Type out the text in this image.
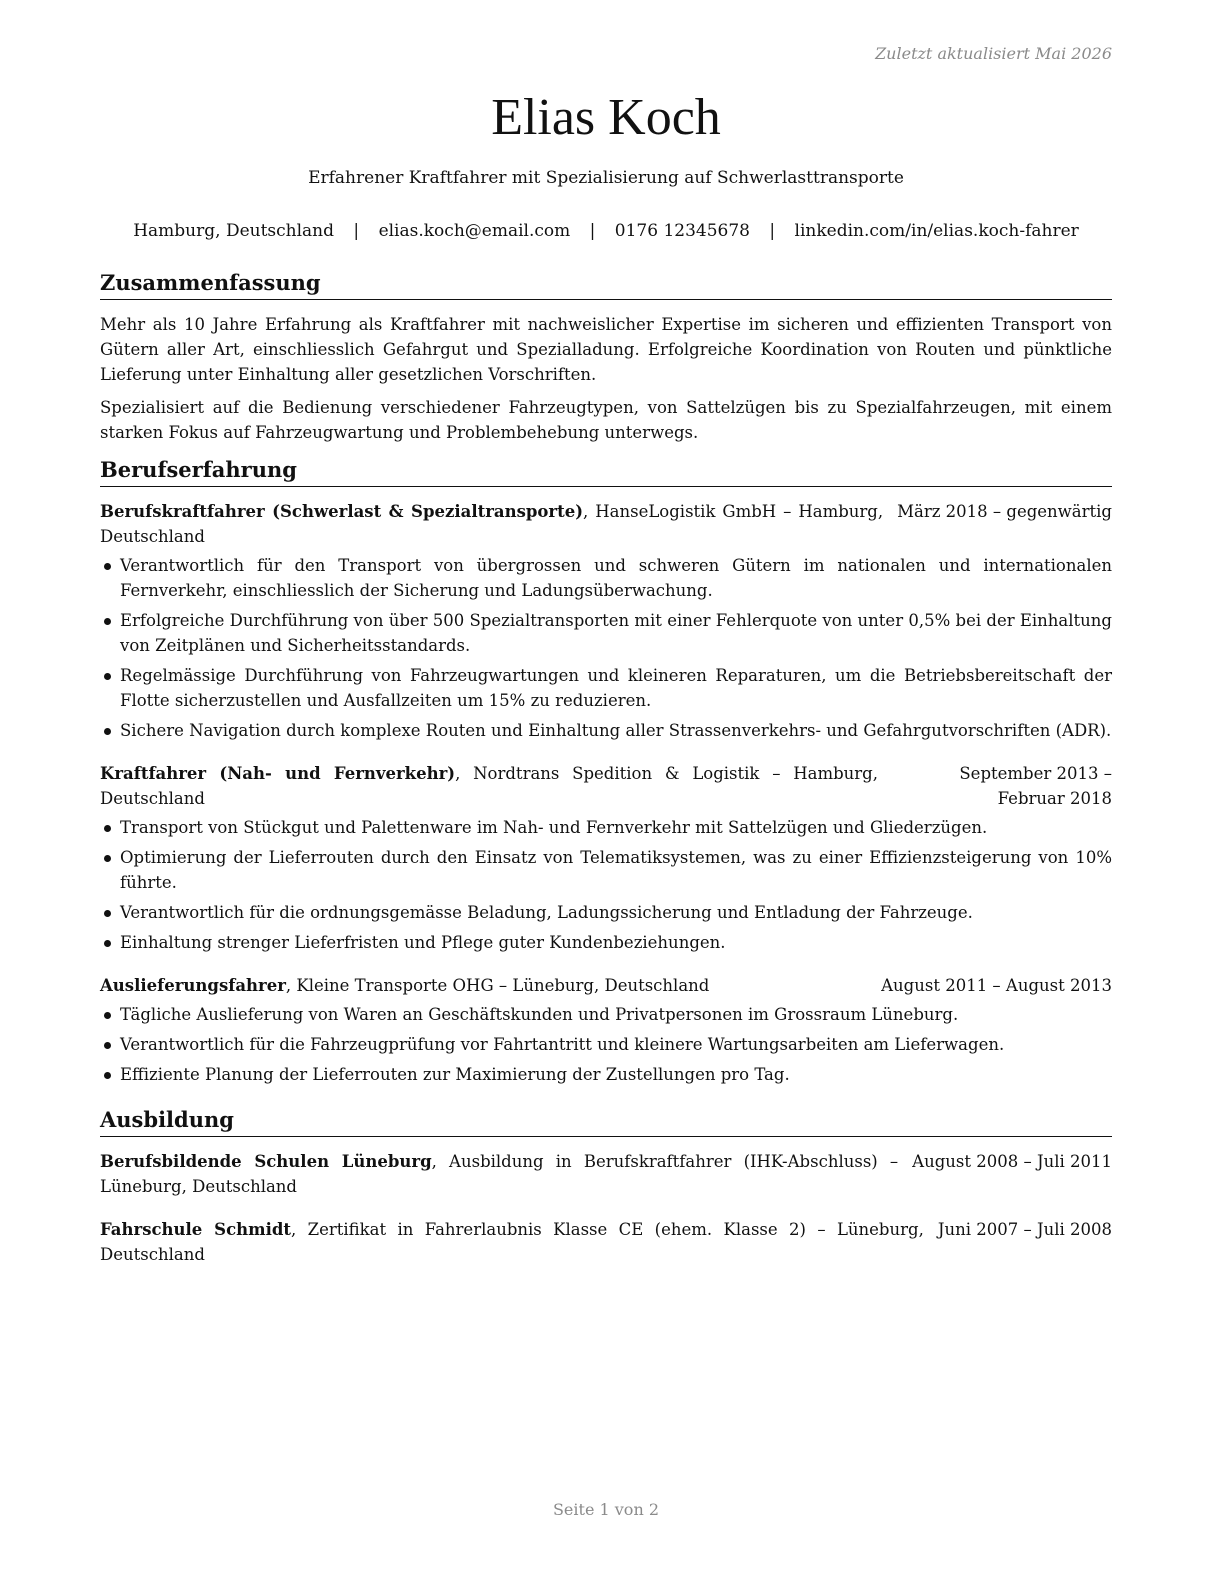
Zuletzt aktualisiert Mai 2026
Elias Koch
Erfahrener Kraftfahrer mit Spezialisierung auf Schwerlasttransporte
Hamburg, Deutschland | elias.koch@email.com | 0176 12345678 | linkedin.com/in/elias.koch-fahrer
Zusammenfassung

Mehr als 10 Jahre Erfahrung als Kraftfahrer mit nachweislicher Expertise im sicheren und effizienten Transport von Gütern aller Art, einschliesslich Gefahrgut und Spezialladung. Erfolgreiche Koordination von Routen und pünktliche Lieferung unter Einhaltung aller gesetzlichen Vorschriften.

Spezialisiert auf die Bedienung verschiedener Fahrzeugtypen, von Sattelzügen bis zu Spezialfahrzeugen, mit einem starken Fokus auf Fahrzeugwartung und Problembehebung unterwegs.

Berufserfahrung
Berufskraftfahrer (Schwerlast & Spezialtransporte), HanseLogistik GmbH – Hamburg, Deutschland
März 2018 – gegenwärtig
Verantwortlich für den Transport von übergrossen und schweren Gütern im nationalen und internationalen Fernverkehr, einschliesslich der Sicherung und Ladungsüberwachung.
Erfolgreiche Durchführung von über 500 Spezialtransporten mit einer Fehlerquote von unter 0,5% bei der Einhaltung von Zeitplänen und Sicherheitsstandards.
Regelmässige Durchführung von Fahrzeugwartungen und kleineren Reparaturen, um die Betriebsbereitschaft der Flotte sicherzustellen und Ausfallzeiten um 15% zu reduzieren.
Sichere Navigation durch komplexe Routen und Einhaltung aller Strassenverkehrs- und Gefahrgutvorschriften (ADR).
Kraftfahrer (Nah- und Fernverkehr), Nordtrans Spedition & Logistik – Hamburg, Deutschland
September 2013 – Februar 2018
Transport von Stückgut und Palettenware im Nah- und Fernverkehr mit Sattelzügen und Gliederzügen.
Optimierung der Lieferrouten durch den Einsatz von Telematiksystemen, was zu einer Effizienzsteigerung von 10% führte.
Verantwortlich für die ordnungsgemässe Beladung, Ladungssicherung und Entladung der Fahrzeuge.
Einhaltung strenger Lieferfristen und Pflege guter Kundenbeziehungen.
Auslieferungsfahrer, Kleine Transporte OHG – Lüneburg, Deutschland	August 2011 – August 2013
Tägliche Auslieferung von Waren an Geschäftskunden und Privatpersonen im Grossraum Lüneburg.
Verantwortlich für die Fahrzeugprüfung vor Fahrtantritt und kleinere Wartungsarbeiten am Lieferwagen.
Effiziente Planung der Lieferrouten zur Maximierung der Zustellungen pro Tag.
Ausbildung
Berufsbildende Schulen Lüneburg, Ausbildung in Berufskraftfahrer (IHK-Abschluss) – Lüneburg, Deutschland
August 2008 – Juli 2011
Fahrschule Schmidt, Zertifikat in Fahrerlaubnis Klasse CE (ehem. Klasse 2) – Lüneburg, Deutschland
Juni 2007 – Juli 2008
Seite 1 von 2
